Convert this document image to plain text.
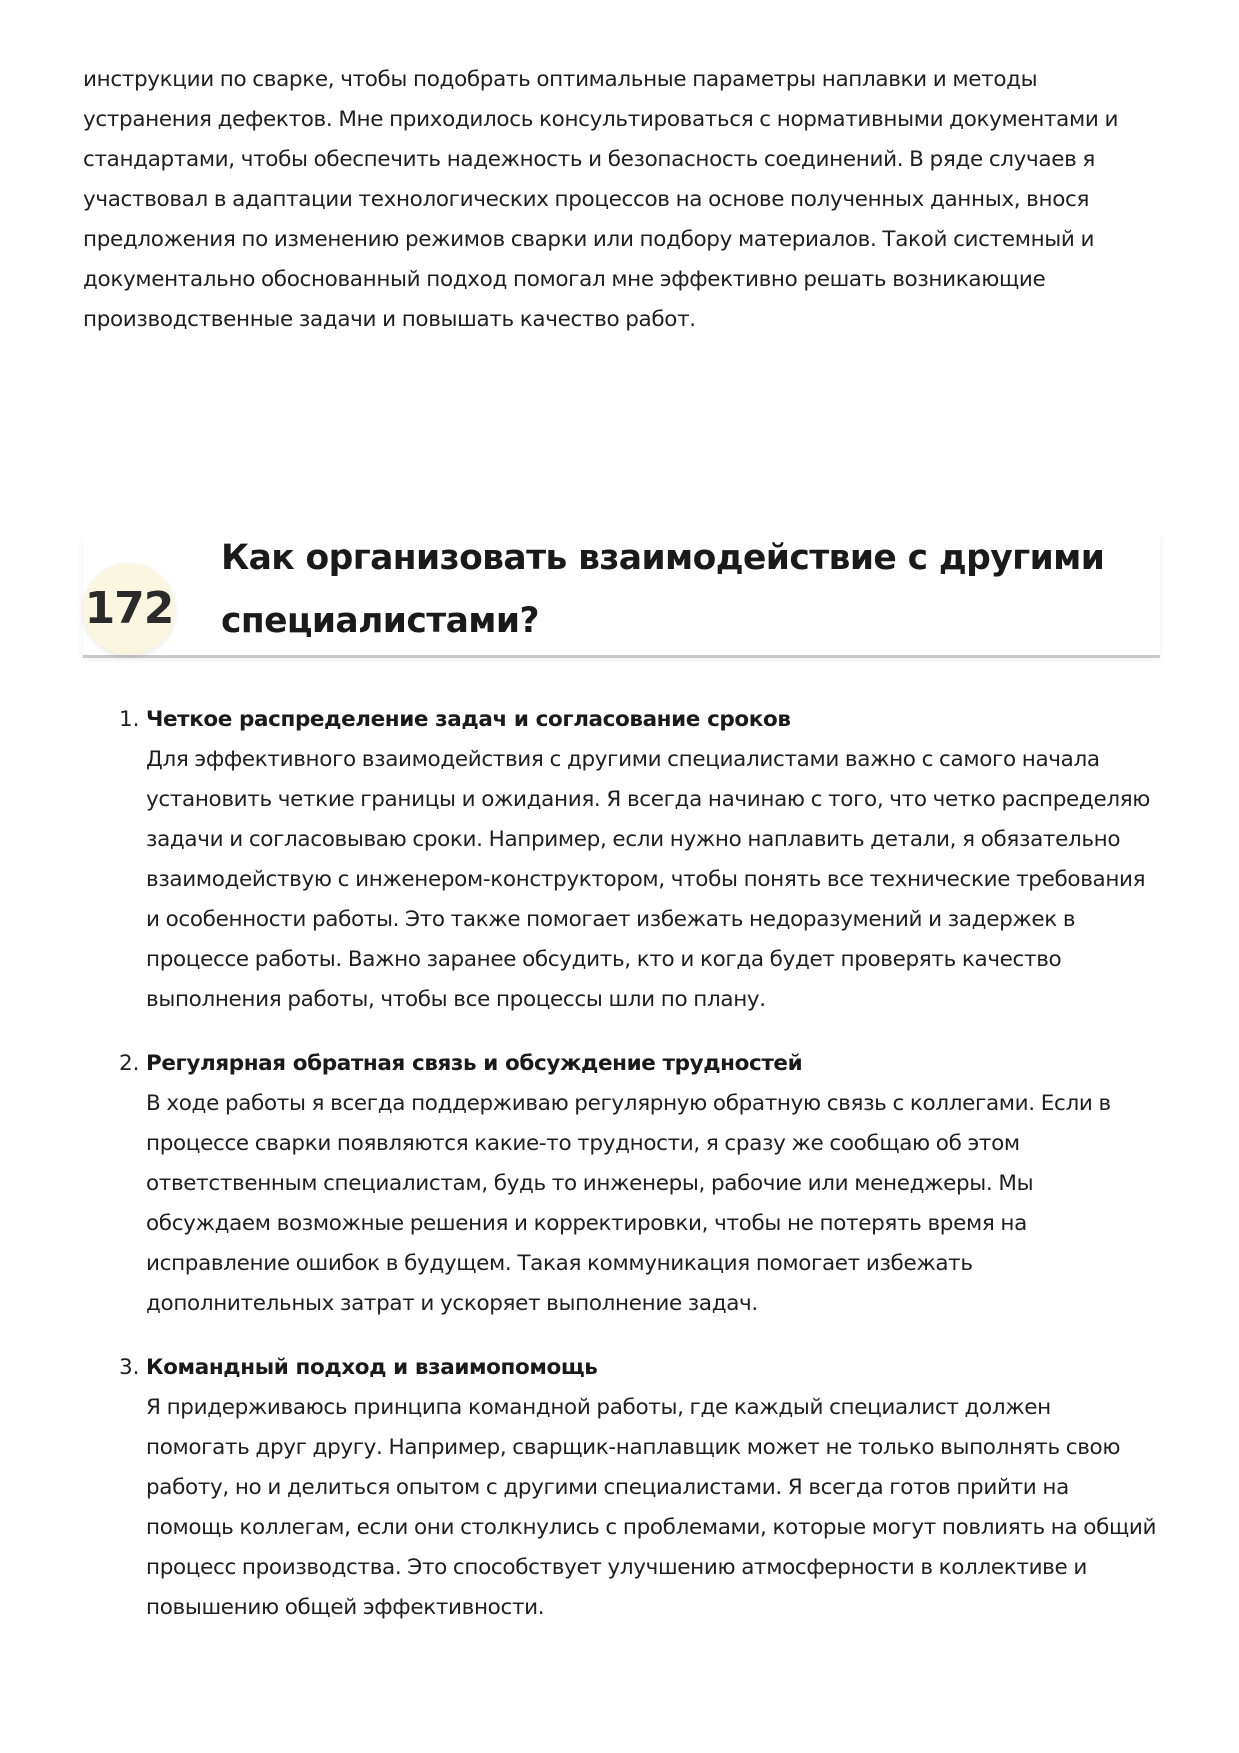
инструкции по сварке, чтобы подобрать оптимальные параметры наплавки и методы устранения дефектов. Мне приходилось консультироваться с нормативными документами и стандартами, чтобы обеспечить надежность и безопасность соединений. В ряде случаев я участвовал в адаптации технологических процессов на основе полученных данных, внося предложения по изменению режимов сварки или подбору материалов. Такой системный и документально обоснованный подход помогал мне эффективно решать возникающие производственные задачи и повышать качество работ.

172
Как организовать взаимодействие с другими специалистами?
1. Четкое распределение задач и согласование сроков

Для эффективного взаимодействия с другими специалистами важно с самого начала установить четкие границы и ожидания. Я всегда начинаю с того, что четко распределяю задачи и согласовываю сроки. Например, если нужно наплавить детали, я обязательно взаимодействую с инженером-конструктором, чтобы понять все технические требования и особенности работы. Это также помогает избежать недоразумений и задержек в процессе работы. Важно заранее обсудить, кто и когда будет проверять качество выполнения работы, чтобы все процессы шли по плану.

2. Регулярная обратная связь и обсуждение трудностей

В ходе работы я всегда поддерживаю регулярную обратную связь с коллегами. Если в процессе сварки появляются какие-то трудности, я сразу же сообщаю об этом ответственным специалистам, будь то инженеры, рабочие или менеджеры. Мы обсуждаем возможные решения и корректировки, чтобы не потерять время на исправление ошибок в будущем. Такая коммуникация помогает избежать дополнительных затрат и ускоряет выполнение задач.

3. Командный подход и взаимопомощь

Я придерживаюсь принципа командной работы, где каждый специалист должен помогать друг другу. Например, сварщик-наплавщик может не только выполнять свою работу, но и делиться опытом с другими специалистами. Я всегда готов прийти на помощь коллегам, если они столкнулись с проблемами, которые могут повлиять на общий процесс производства. Это способствует улучшению атмосферности в коллективе и повышению общей эффективности.
